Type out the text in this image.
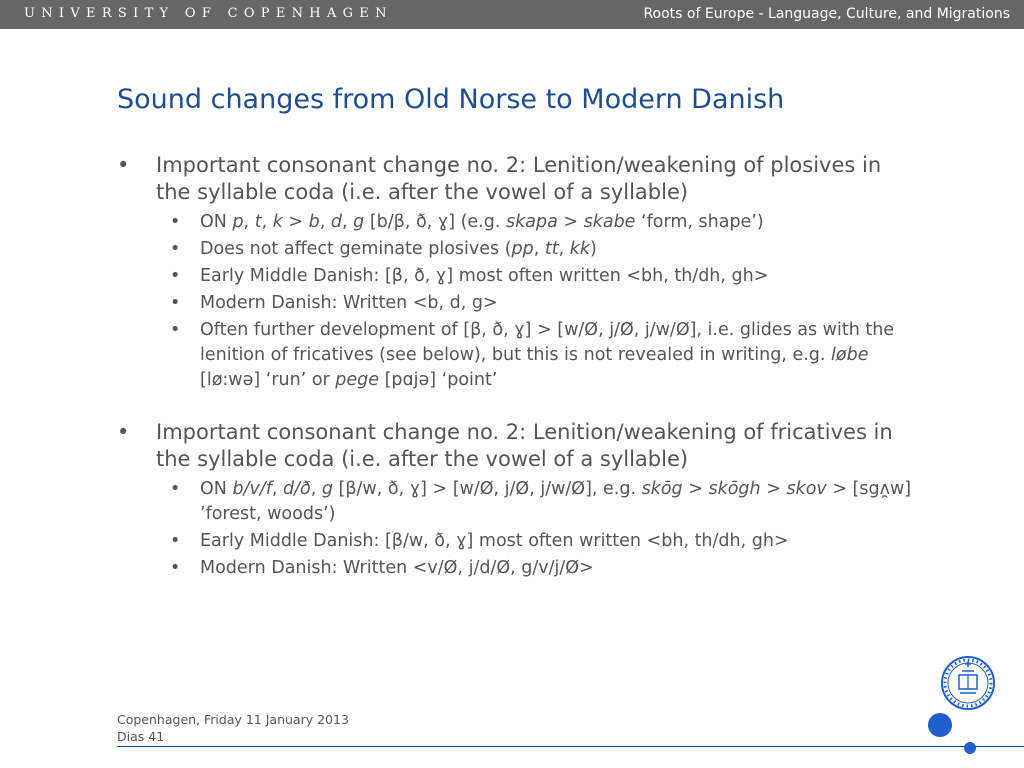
UNIVERSITY OF COPENHAGEN	Roots of Europe - Language, Culture, and Migrations
Sound changes from Old Norse to Modern Danish
• Important consonant change no. 2: Lenition/weakening of plosives in the syllable coda (i.e. after the vowel of a syllable)
• ON p, t, k > b, d, g [b/β, ð, ɣ] (e.g. skapa > skabe ‘form, shape’)
• Does not affect geminate plosives (pp, tt, kk)
• Early Middle Danish: [β, ð, ɣ] most often written <bh, th/dh, gh>
• Modern Danish: Written <b, d, g>
• Often further development of [β, ð, ɣ] > [w/Ø, j/Ø, j/w/Ø], i.e. glides as with the lenition of fricatives (see below), but this is not revealed in writing, e.g. løbe [lø:wə] ‘run’ or pege [pɑjə] ‘point’
• Important consonant change no. 2: Lenition/weakening of fricatives in the syllable coda (i.e. after the vowel of a syllable)
• ON b/v/f, d/ð, g [β/w, ð, ɣ] > [w/Ø, j/Ø, j/w/Ø], e.g. skōg > skōgh > skov > [sgʌ̯w] ’forest, woods’)
• Early Middle Danish: [β/w, ð, ɣ] most often written <bh, th/dh, gh>
• Modern Danish: Written <v/Ø, j/d/Ø, g/v/j/Ø>
Copenhagen, Friday 11 January 2013
Dias 41
